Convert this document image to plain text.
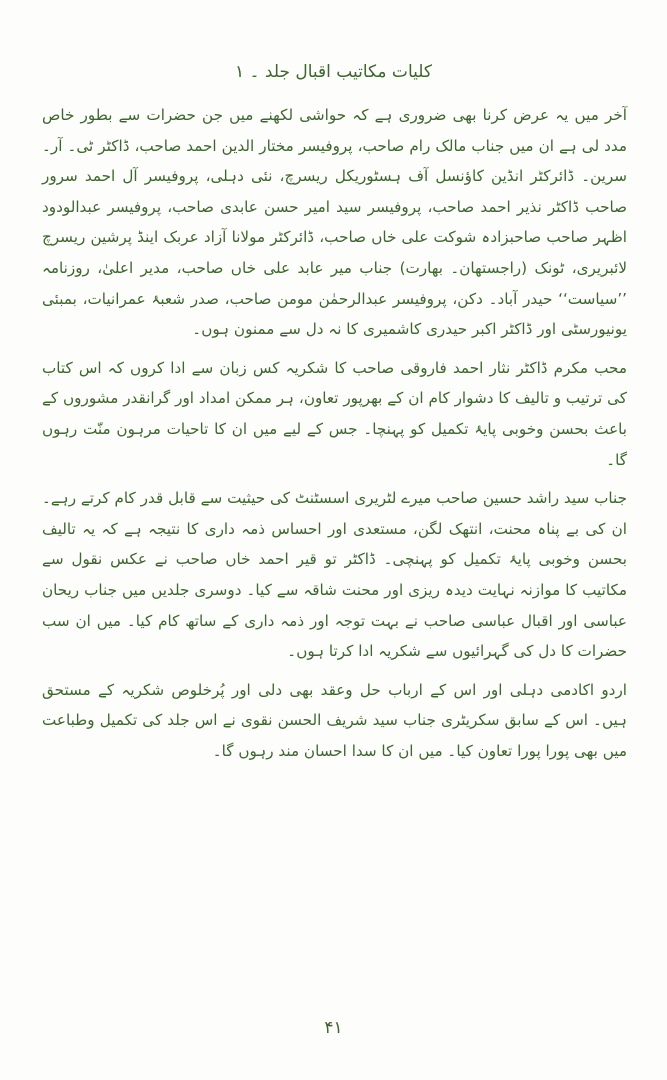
کلیات مکاتیب اقبال جلد ۔ ۱

آخر میں یہ عرض کرنا بھی ضروری ہے کہ حواشی لکھنے میں جن حضرات سے بطور خاص مدد لی ہے ان میں جناب مالک رام صاحب، پروفیسر مختار الدین احمد صاحب، ڈاکٹر ٹی۔ آر۔ سرین۔ ڈائرکٹر انڈین کاؤنسل آف ہسٹوریکل ریسرچ، نئی دہلی، پروفیسر آل احمد سرور صاحب ڈاکٹر نذیر احمد صاحب، پروفیسر سید امیر حسن عابدی صاحب، پروفیسر عبدالودود اظہر صاحب صاحبزادہ شوکت علی خاں صاحب، ڈائرکٹر مولانا آزاد عربک اینڈ پرشین ریسرچ لائبریری، ٹونک (راجستھان۔ بھارت) جناب میر عابد علی خاں صاحب، مدیر اعلیٰ، روزنامہ ’’سیاست‘‘ حیدر آباد۔ دکن، پروفیسر عبدالرحمٰن مومن صاحب، صدر شعبۂ عمرانیات، بمبئی یونیورسٹی اور ڈاکٹر اکبر حیدری کاشمیری کا نہ دل سے ممنون ہوں۔

محب مکرم ڈاکٹر نثار احمد فاروقی صاحب کا شکریہ کس زبان سے ادا کروں کہ اس کتاب کی ترتیب و تالیف کا دشوار کام ان کے بھرپور تعاون، ہر ممکن امداد اور گرانقدر مشوروں کے باعث بحسن وخوبی پایۂ تکمیل کو پہنچا۔ جس کے لیے میں ان کا تاحیات مرہون منّت رہوں گا۔

جناب سید راشد حسین صاحب میرے لٹریری اسسٹنٹ کی حیثیت سے قابل قدر کام کرتے رہے۔ ان کی بے پناہ محنت، انتھک لگن، مستعدی اور احساس ذمہ داری کا نتیجہ ہے کہ یہ تالیف بحسن وخوبی پایۂ تکمیل کو پہنچی۔ ڈاکٹر تو قیر احمد خاں صاحب نے عکس نقول سے مکاتیب کا موازنہ نہایت دیدہ ریزی اور محنت شاقہ سے کیا۔ دوسری جلدیں میں جناب ریحان عباسی اور اقبال عباسی صاحب نے بہت توجہ اور ذمہ داری کے ساتھ کام کیا۔ میں ان سب حضرات کا دل کی گہرائیوں سے شکریہ ادا کرتا ہوں۔

اردو اکادمی دہلی اور اس کے ارباب حل وعقد بھی دلی اور پُرخلوص شکریہ کے مستحق ہیں۔ اس کے سابق سکریٹری جناب سید شریف الحسن نقوی نے اس جلد کی تکمیل وطباعت میں بھی پورا پورا تعاون کیا۔ میں ان کا سدا احسان مند رہوں گا۔

۴۱
